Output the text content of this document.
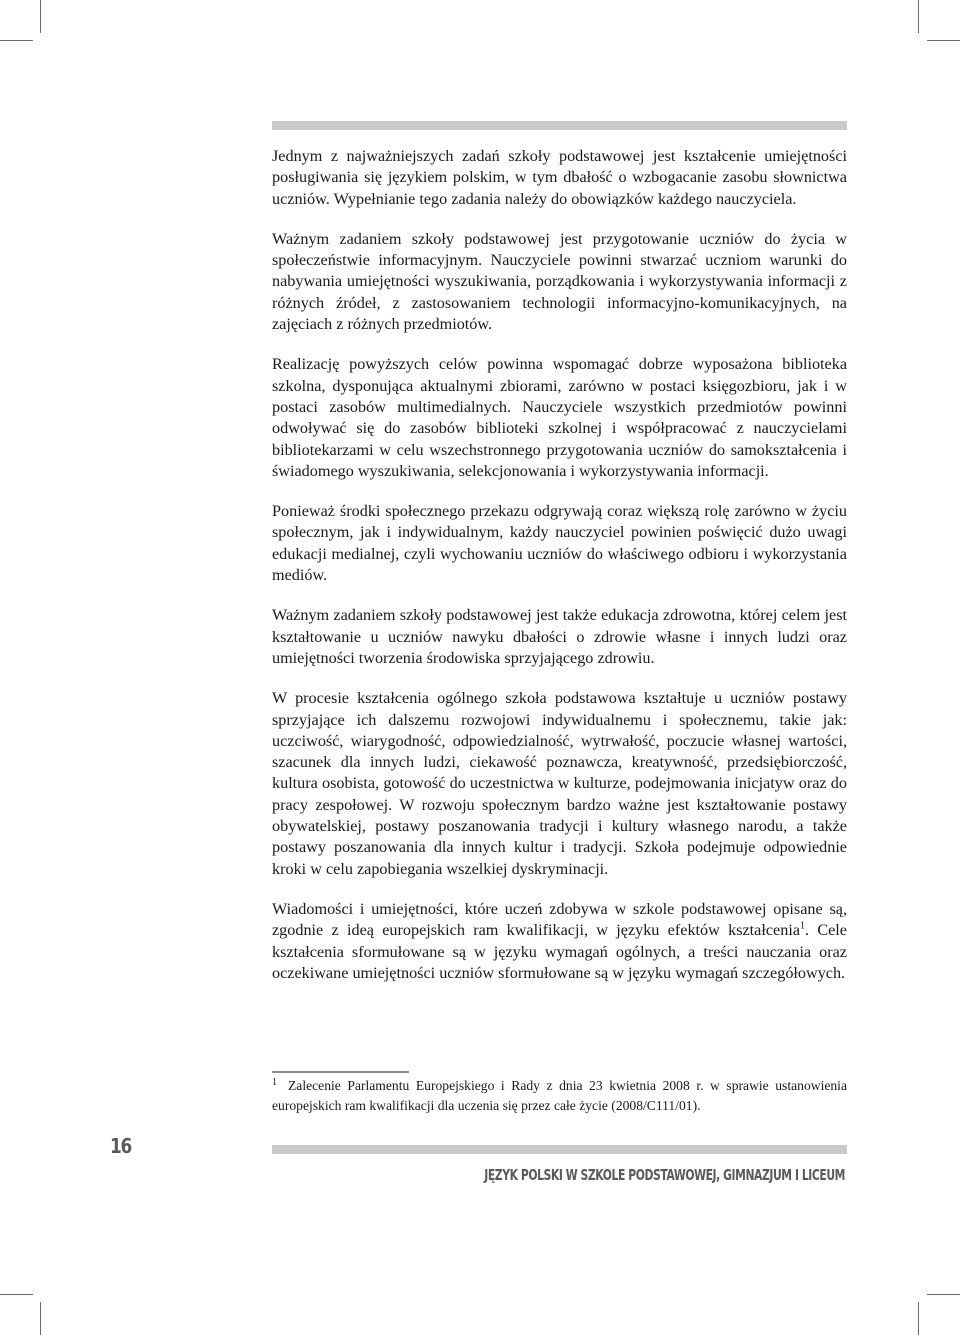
Jednym z najważniejszych zadań szkoły podstawowej jest kształcenie umiejętności posługiwania się językiem polskim, w tym dbałość o wzbogacanie zasobu słownictwa uczniów. Wypełnianie tego zadania należy do obowiązków każdego nauczyciela.

Ważnym zadaniem szkoły podstawowej jest przygotowanie uczniów do życia w społeczeństwie informacyjnym. Nauczyciele powinni stwarzać uczniom warunki do nabywania umiejętności wyszukiwania, porządkowania i wykorzystywania informacji z różnych źródeł, z zastosowaniem technologii informacyjno-komunikacyjnych, na zajęciach z różnych przedmiotów.

Realizację powyższych celów powinna wspomagać dobrze wyposażona biblioteka szkolna, dysponująca aktualnymi zbiorami, zarówno w postaci księgozbioru, jak i w postaci zasobów multimedialnych. Nauczyciele wszystkich przedmiotów powinni odwoływać się do zasobów biblioteki szkolnej i współpracować z nauczycielami bibliotekarzami w celu wszechstronnego przygotowania uczniów do samokształcenia i świadomego wyszukiwania, selekcjonowania i wykorzystywania informacji.

Ponieważ środki społecznego przekazu odgrywają coraz większą rolę zarówno w życiu społecznym, jak i indywidualnym, każdy nauczyciel powinien poświęcić dużo uwagi edukacji medialnej, czyli wychowaniu uczniów do właściwego odbioru i wykorzystania mediów.

Ważnym zadaniem szkoły podstawowej jest także edukacja zdrowotna, której celem jest kształtowanie u uczniów nawyku dbałości o zdrowie własne i innych ludzi oraz umiejętności tworzenia środowiska sprzyjającego zdrowiu.

W procesie kształcenia ogólnego szkoła podstawowa kształtuje u uczniów postawy sprzyjające ich dalszemu rozwojowi indywidualnemu i społecznemu, takie jak: uczciwość, wiarygodność, odpowiedzialność, wytrwałość, poczucie własnej wartości, szacunek dla innych ludzi, ciekawość poznawcza, kreatywność, przedsiębiorczość, kultura osobista, gotowość do uczestnictwa w kulturze, podejmowania inicjatyw oraz do pracy zespołowej. W rozwoju społecznym bardzo ważne jest kształtowanie postawy obywatelskiej, postawy poszanowania tradycji i kultury własnego narodu, a także postawy poszanowania dla innych kultur i tradycji. Szkoła podejmuje odpowiednie kroki w celu zapobiegania wszelkiej dyskryminacji.

Wiadomości i umiejętności, które uczeń zdobywa w szkole podstawowej opisane są, zgodnie z ideą europejskich ram kwalifikacji, w języku efektów kształcenia$^1$. Cele kształcenia sformułowane są w języku wymagań ogólnych, a treści nauczania oraz oczekiwane umiejętności uczniów sformułowane są w języku wymagań szczegółowych.

1 Zalecenie Parlamentu Europejskiego i Rady z dnia 23 kwietnia 2008 r. w sprawie ustanowienia europejskich ram kwalifikacji dla uczenia się przez całe życie (2008/C111/01).
16
JĘZYK POLSKI W SZKOLE PODSTAWOWEJ, GIMNAZJUM I LICEUM
